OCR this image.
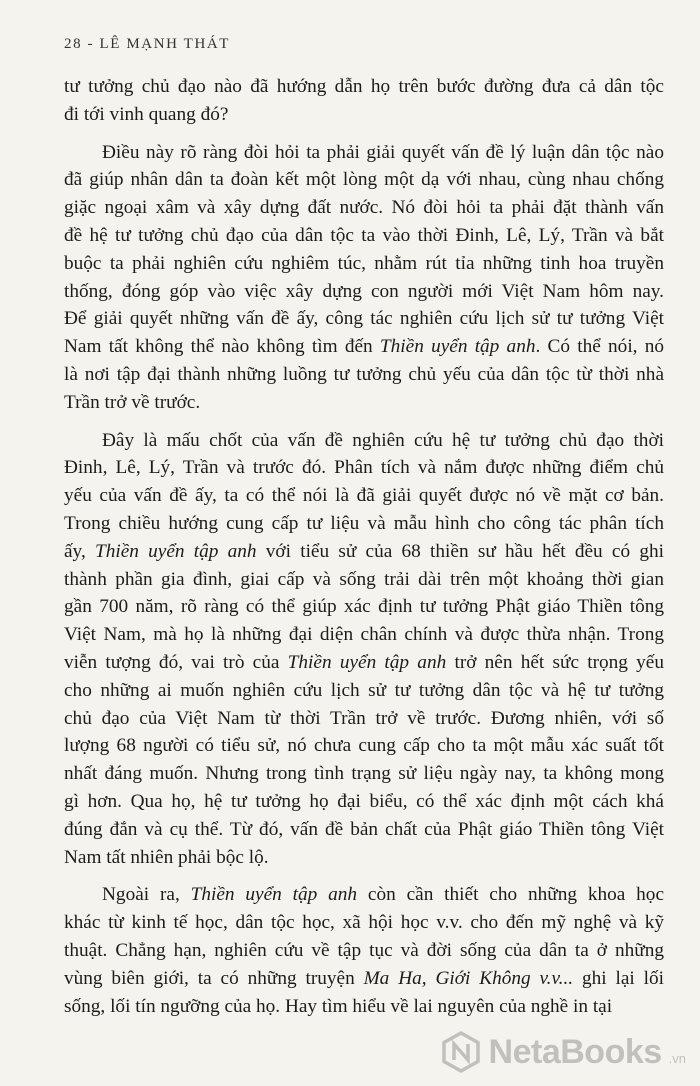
28 - LÊ MẠNH THÁT
tư tưởng chủ đạo nào đã hướng dẫn họ trên bước đường đưa cả dân tộc
đi tới vinh quang đó?
Điều này rõ ràng đòi hỏi ta phải giải quyết vấn đề lý luận dân tộc nào
đã giúp nhân dân ta đoàn kết một lòng một dạ với nhau, cùng nhau chống
giặc ngoại xâm và xây dựng đất nước. Nó đòi hỏi ta phải đặt thành vấn
đề hệ tư tưởng chủ đạo của dân tộc ta vào thời Đinh, Lê, Lý, Trần và bắt
buộc ta phải nghiên cứu nghiêm túc, nhằm rút tỉa những tinh hoa truyền
thống, đóng góp vào việc xây dựng con người mới Việt Nam hôm nay.
Để giải quyết những vấn đề ấy, công tác nghiên cứu lịch sử tư tưởng Việt
Nam tất không thể nào không tìm đến Thiền uyển tập anh. Có thể nói, nó
là nơi tập đại thành những luồng tư tưởng chủ yếu của dân tộc từ thời nhà
Trần trở về trước.
Đây là mấu chốt của vấn đề nghiên cứu hệ tư tưởng chủ đạo thời
Đinh, Lê, Lý, Trần và trước đó. Phân tích và nắm được những điểm chủ
yếu của vấn đề ấy, ta có thể nói là đã giải quyết được nó về mặt cơ bản.
Trong chiều hướng cung cấp tư liệu và mẫu hình cho công tác phân tích
ấy, Thiền uyển tập anh với tiểu sử của 68 thiền sư hầu hết đều có ghi
thành phần gia đình, giai cấp và sống trải dài trên một khoảng thời gian
gần 700 năm, rõ ràng có thể giúp xác định tư tưởng Phật giáo Thiền tông
Việt Nam, mà họ là những đại diện chân chính và được thừa nhận. Trong
viễn tượng đó, vai trò của Thiền uyển tập anh trở nên hết sức trọng yếu
cho những ai muốn nghiên cứu lịch sử tư tưởng dân tộc và hệ tư tưởng
chủ đạo của Việt Nam từ thời Trần trở về trước. Đương nhiên, với số
lượng 68 người có tiểu sử, nó chưa cung cấp cho ta một mẫu xác suất tốt
nhất đáng muốn. Nhưng trong tình trạng sử liệu ngày nay, ta không mong
gì hơn. Qua họ, hệ tư tưởng họ đại biểu, có thể xác định một cách khá
đúng đắn và cụ thể. Từ đó, vấn đề bản chất của Phật giáo Thiền tông Việt
Nam tất nhiên phải bộc lộ.
Ngoài ra, Thiền uyển tập anh còn cần thiết cho những khoa học
khác từ kinh tế học, dân tộc học, xã hội học v.v. cho đến mỹ nghệ và kỹ
thuật. Chẳng hạn, nghiên cứu về tập tục và đời sống của dân ta ở những
vùng biên giới, ta có những truyện Ma Ha, Giới Không v.v... ghi lại lối
sống, lối tín ngưỡng của họ. Hay tìm hiểu về lai nguyên của nghề in tại
NetaBooks .vn
